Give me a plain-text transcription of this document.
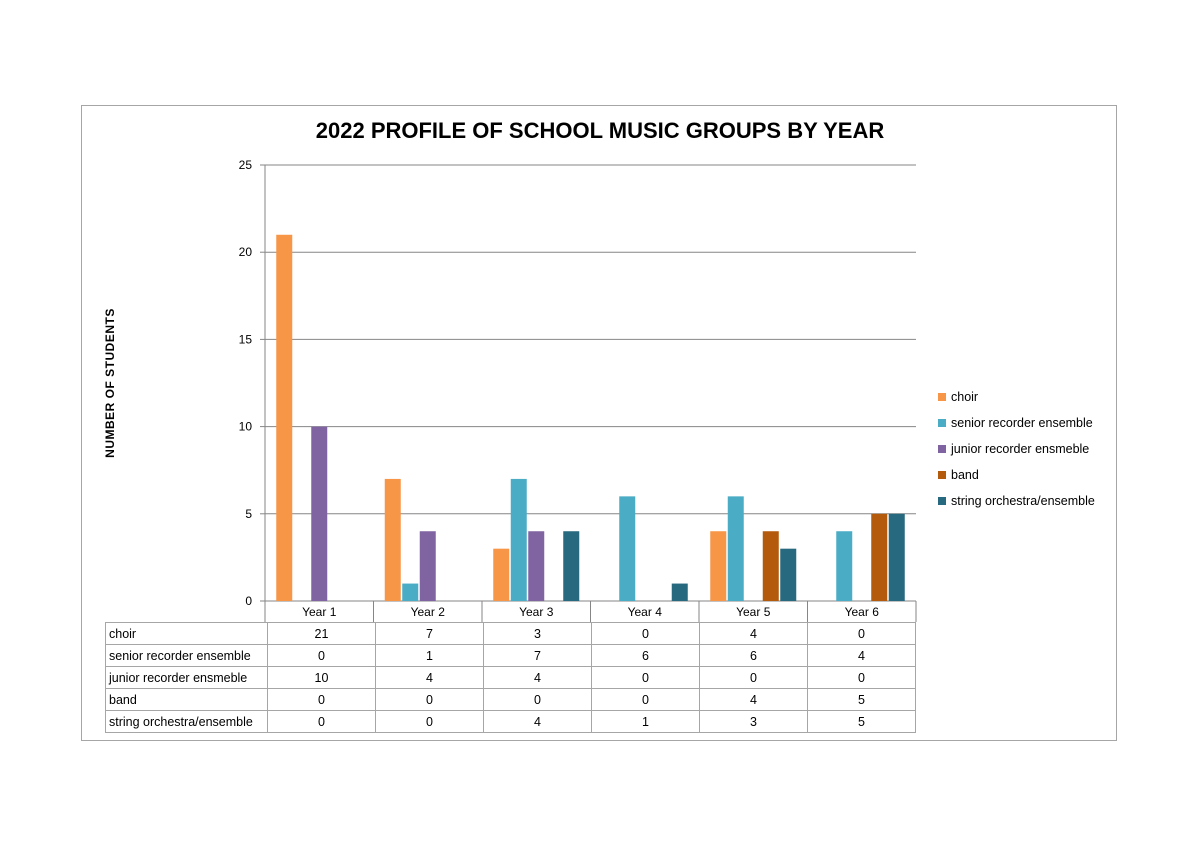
2022 PROFILE OF SCHOOL MUSIC GROUPS BY YEAR
NUMBER OF STUDENTS
0
5
10
15
20
25
Year 1	Year 2	Year 3	Year 4	Year 5	Year 6
choir
senior recorder ensemble
junior recorder ensmeble
band
string orchestra/ensemble
choir	21	7	3	0	4	0
senior recorder ensemble	0	1	7	6	6	4
junior recorder ensmeble	10	4	4	0	0	0
band	0	0	0	0	4	5
string orchestra/ensemble	0	0	4	1	3	5
